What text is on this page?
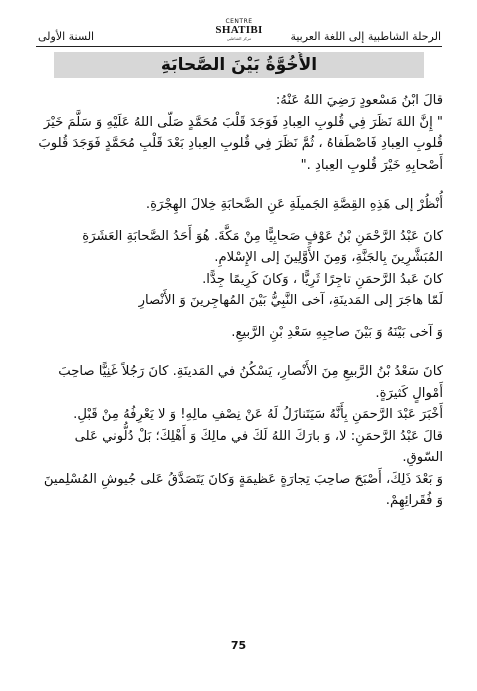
الرحلة الشاطبية إلى اللغة العربية
CENTRE
SHATIBI
ﻣﺮﻛﺰ اﻟﺸﺎﻃﺒﻲ
السنة الأولى
الأُخُوَّةُ بَيْنَ الصَّحابَةِ

قالَ ابْنُ مَسْعودٍ رَضِيَ اللهُ عَنْهُ:

" إِنَّ اللهَ نَظَرَ فِي قُلوبِ العِبادِ فَوَجَدَ قَلْبَ مُحَمَّدٍ صَلّى اللهُ عَلَيْهِ وَ سَلَّمَ خَيْرَ قُلوبِ العِبادِ فَاصْطَفاهُ ، ثُمَّ نَظَرَ فِي قُلوبِ العِبادِ بَعْدَ قَلْبِ مُحَمَّدٍ فَوَجَدَ قُلوبَ أَصْحابِهِ خَيْرَ قُلوبِ العِبادِ ."

أُنْظُرْ إلى هَذِهِ القِصَّةِ الجَميلَةِ عَنِ الصَّحابَةِ خِلالَ الهِجْرَةِ.

كانَ عَبْدُ الرَّحْمَنِ بْنُ عَوْفٍ صَحابِيًّا مِنْ مَكَّةَ. هُوَ أَحَدُ الصَّحابَةِ العَشَرَةِ المُبَشَّرِينَ بِالجَنَّةِ، وَمِنَ الأَوَّلِينَ إلى الإِسْلامِ.

كانَ عَبدُ الرَّحمَنِ تاجِرًا ثَرِيًّا ، وَكانَ كَرِيمًا جِدًّا.

لَمّا هاجَرَ إلى المَدينَةِ، آخى النَّبِيُّ بَيْنَ المُهاجِرينَ وَ الأَنْصارِ

وَ آخى بَيْنَهُ وَ بَيْنَ صاحِبِهِ سَعْدِ بْنِ الرَّبيعِ.

كانَ سَعْدُ بْنُ الرَّبيعِ مِنَ الأَنْصارِ، يَسْكُنُ في المَدينَةِ. كانَ رَجُلاً غَنِيًّا صاحِبَ أَمْوالٍ كَثيرَةٍ.

أَخْبَرَ عَبْدَ الرَّحمَنِ بِأَنَّهُ سَيَتَنازَلُ لَهُ عَنْ نِصْفِ مالِهِ! وَ لا يَعْرِفُهُ مِنْ قَبْلِ.

قالَ عَبْدُ الرَّحمَنِ: لا، وَ بارَكَ اللهُ لَكَ في مالِكَ وَ أَهْلِكَ؛ بَلْ دُلُّوني عَلى السّوقِ.

وَ بَعْدَ ذَلِكَ، أَصْبَحَ صاحِبَ تِجارَةٍ عَظيمَةٍ وَكانَ يَتَصَدَّقُ عَلى جُيوشِ المُسْلِمينَ وَ فُقَرائِهِمْ.

75
